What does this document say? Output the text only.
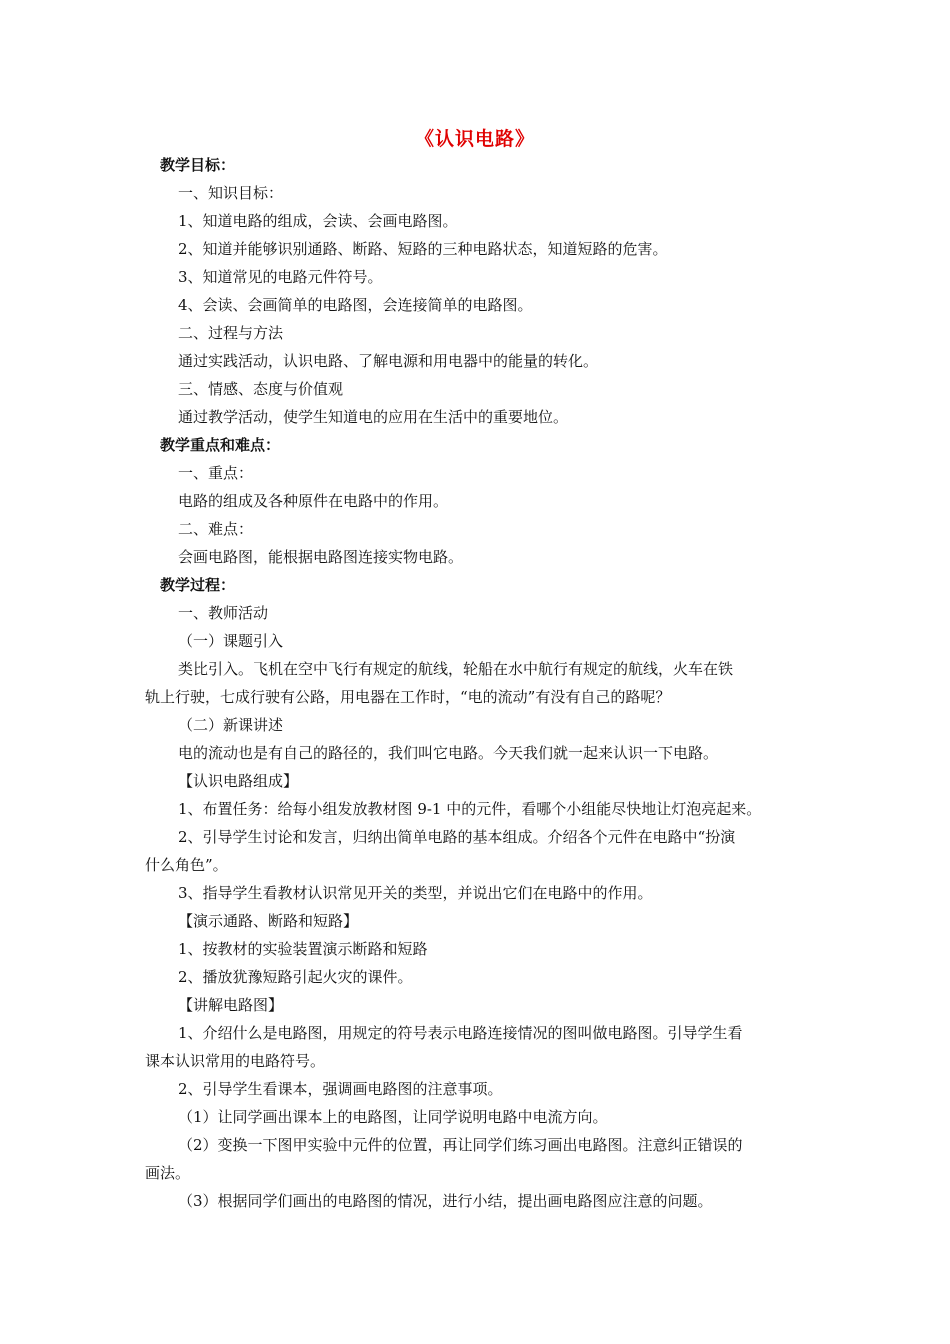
《认识电路》
教学目标：
一、知识目标：
1、知道电路的组成，会读、会画电路图。
2、知道并能够识别通路、断路、短路的三种电路状态，知道短路的危害。
3、知道常见的电路元件符号。
4、会读、会画简单的电路图，会连接简单的电路图。
二、过程与方法
通过实践活动，认识电路、了解电源和用电器中的能量的转化。
三、情感、态度与价值观
通过教学活动，使学生知道电的应用在生活中的重要地位。
教学重点和难点：
一、重点：
电路的组成及各种原件在电路中的作用。
二、难点：
会画电路图，能根据电路图连接实物电路。
教学过程：
一、教师活动
（一）课题引入
类比引入。飞机在空中飞行有规定的航线，轮船在水中航行有规定的航线，火车在铁
轨上行驶，七成行驶有公路，用电器在工作时，“电的流动”有没有自己的路呢？
（二）新课讲述
电的流动也是有自己的路径的，我们叫它电路。今天我们就一起来认识一下电路。
【认识电路组成】
1、布置任务：给每小组发放教材图 9-1 中的元件，看哪个小组能尽快地让灯泡亮起来。
2、引导学生讨论和发言，归纳出简单电路的基本组成。介绍各个元件在电路中“扮演
什么角色”。
3、指导学生看教材认识常见开关的类型，并说出它们在电路中的作用。
【演示通路、断路和短路】
1、按教材的实验装置演示断路和短路
2、播放犹豫短路引起火灾的课件。
【讲解电路图】
1、介绍什么是电路图，用规定的符号表示电路连接情况的图叫做电路图。引导学生看
课本认识常用的电路符号。
2、引导学生看课本，强调画电路图的注意事项。
（1）让同学画出课本上的电路图，让同学说明电路中电流方向。
（2）变换一下图甲实验中元件的位置，再让同学们练习画出电路图。注意纠正错误的
画法。
（3）根据同学们画出的电路图的情况，进行小结，提出画电路图应注意的问题。
